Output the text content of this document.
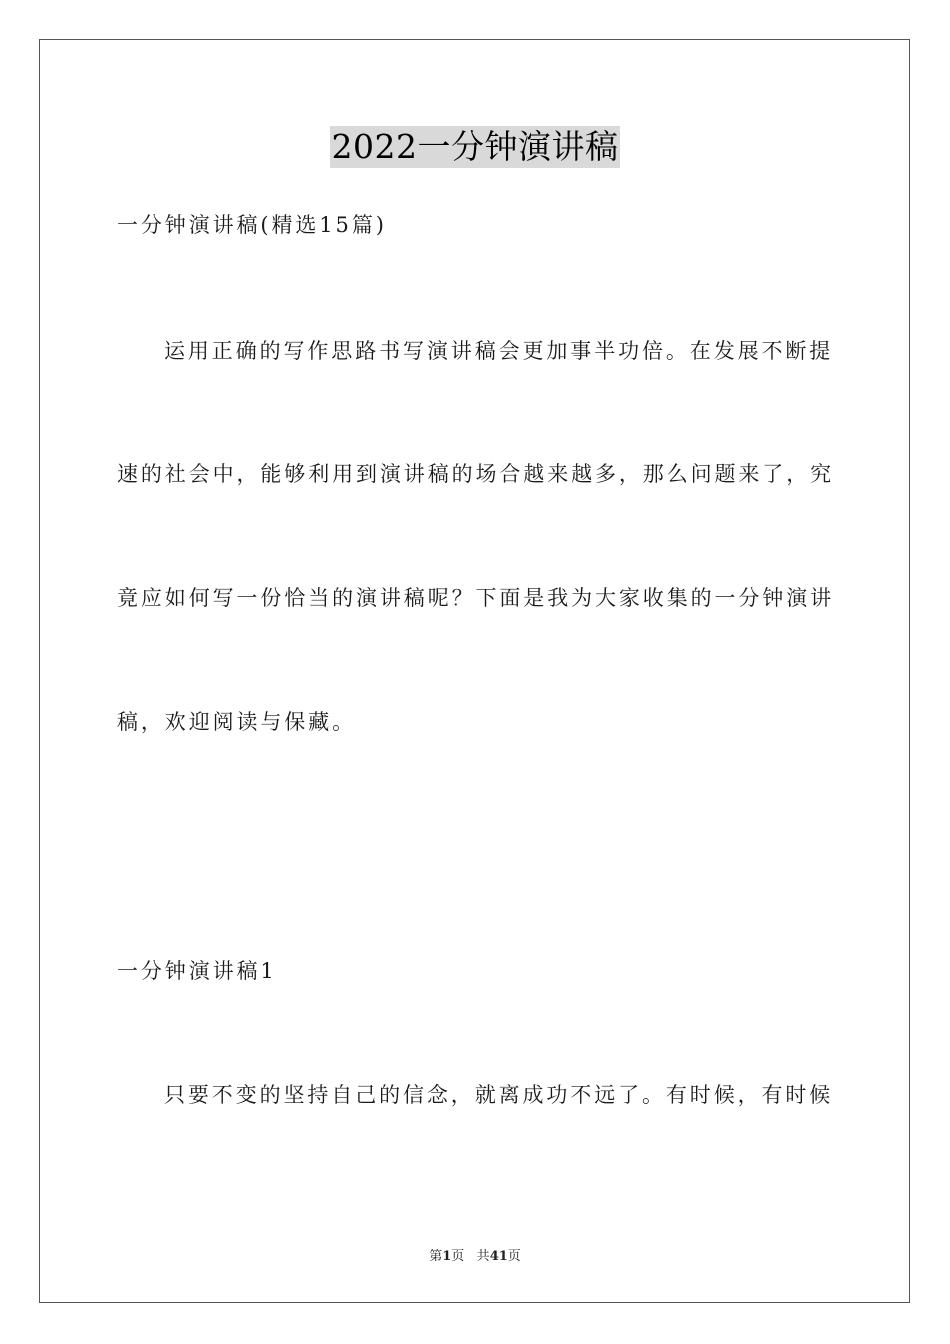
2022一分钟演讲稿
一分钟演讲稿(精选15篇)
运用正确的写作思路书写演讲稿会更加事半功倍。在发展不断提
速的社会中，能够利用到演讲稿的场合越来越多，那么问题来了，究
竟应如何写一份恰当的演讲稿呢？下面是我为大家收集的一分钟演讲
稿，欢迎阅读与保藏。
一分钟演讲稿1
只要不变的坚持自己的信念，就离成功不远了。有时候，有时候
第1页 共41页
